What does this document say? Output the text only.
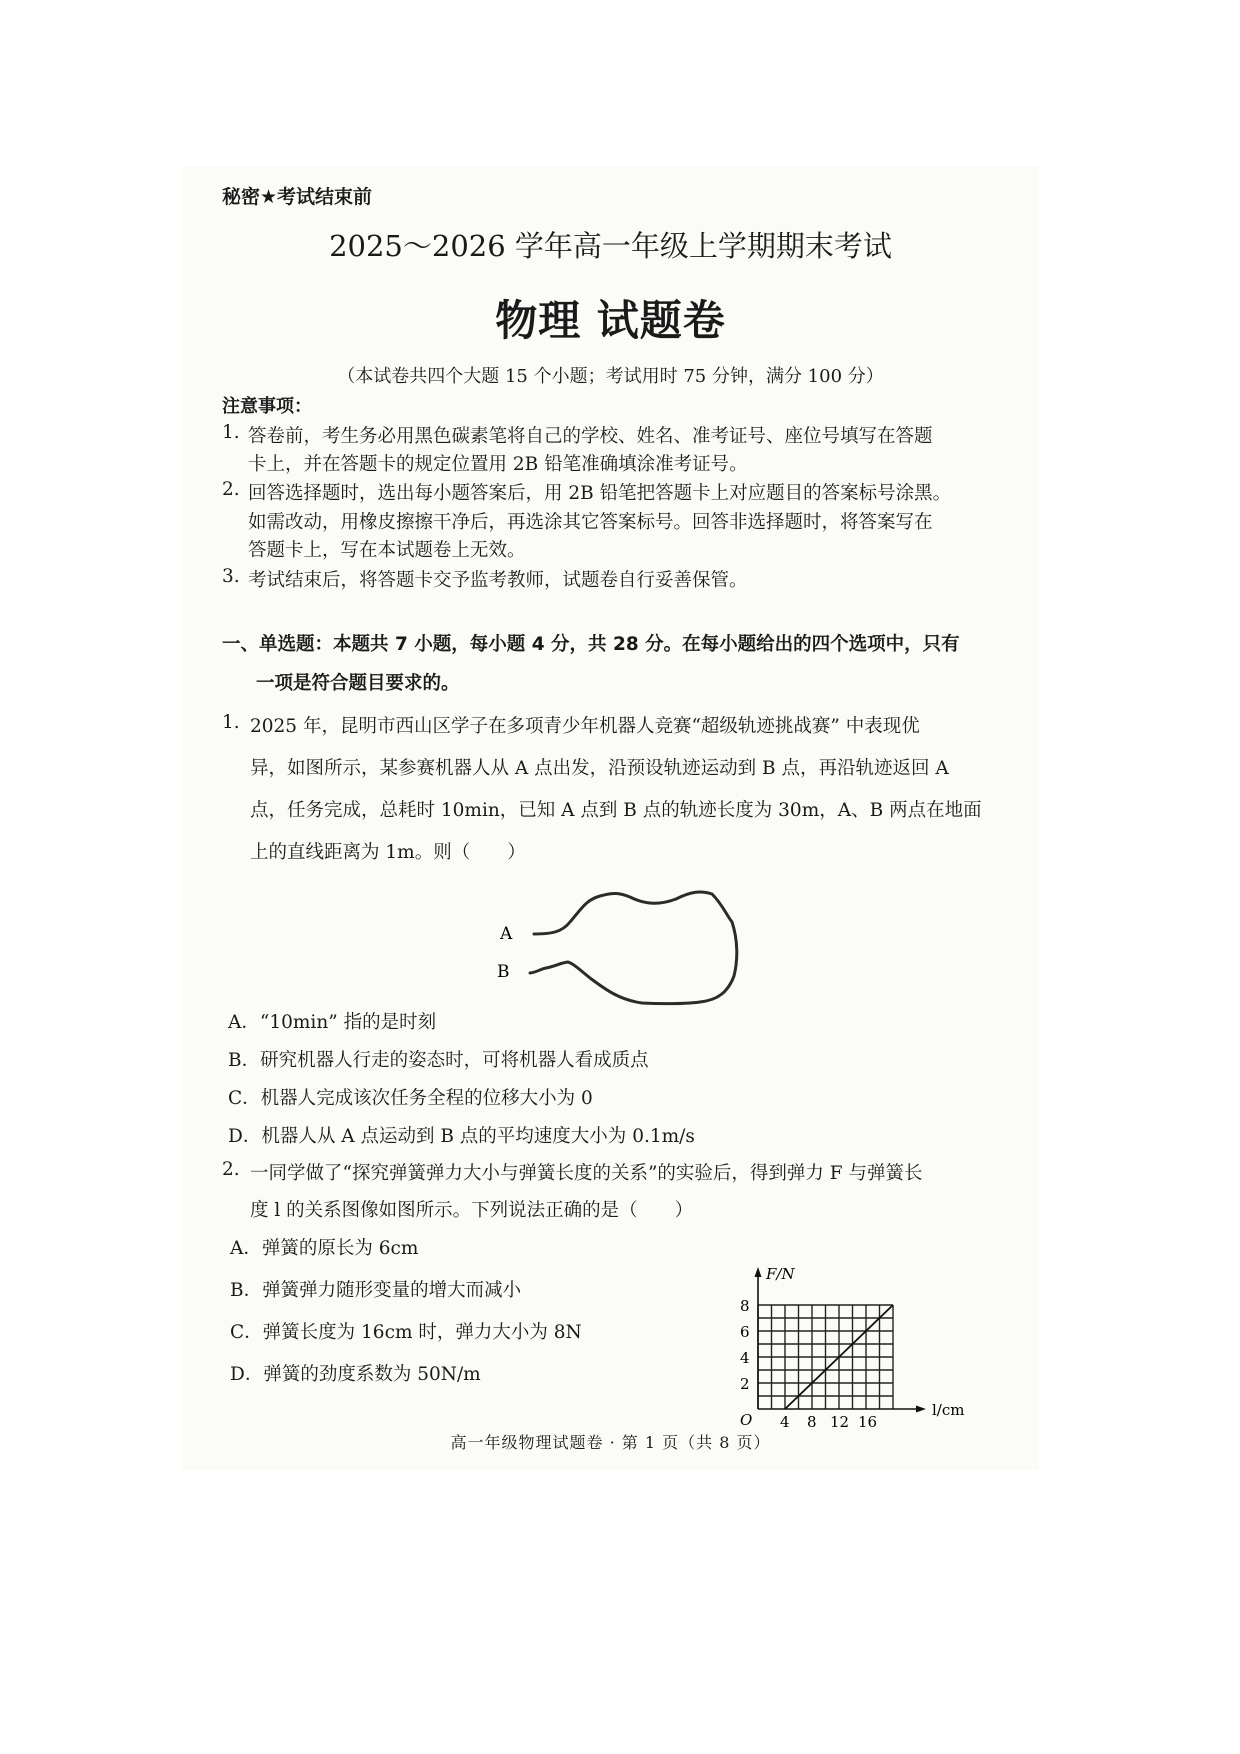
秘密★考试结束前
2025～2026 学年高一年级上学期期末考试
物理 试题卷
（本试卷共四个大题 15 个小题；考试用时 75 分钟，满分 100 分）
注意事项：
1. 答卷前，考生务必用黑色碳素笔将自己的学校、姓名、准考证号、座位号填写在答题
卡上，并在答题卡的规定位置用 2B 铅笔准确填涂准考证号。
2. 回答选择题时，选出每小题答案后，用 2B 铅笔把答题卡上对应题目的答案标号涂黑。
如需改动，用橡皮擦擦干净后，再选涂其它答案标号。回答非选择题时，将答案写在
答题卡上，写在本试题卷上无效。
3. 考试结束后，将答题卡交予监考教师，试题卷自行妥善保管。
一、单选题：本题共 7 小题，每小题 4 分，共 28 分。在每小题给出的四个选项中，只有
一项是符合题目要求的。
1. 2025 年，昆明市西山区学子在多项青少年机器人竞赛“超级轨迹挑战赛” 中表现优
异，如图所示，某参赛机器人从 A 点出发，沿预设轨迹运动到 B 点，再沿轨迹返回 A
点，任务完成，总耗时 10min，已知 A 点到 B 点的轨迹长度为 30m，A、B 两点在地面
上的直线距离为 1m。则（　　）
A
B
A．“10min” 指的是时刻
B．研究机器人行走的姿态时，可将机器人看成质点
C．机器人完成该次任务全程的位移大小为 0
D．机器人从 A 点运动到 B 点的平均速度大小为 0.1m/s
2. 一同学做了“探究弹簧弹力大小与弹簧长度的关系”的实验后，得到弹力 F 与弹簧长
度 l 的关系图像如图所示。下列说法正确的是（　　）
A．弹簧的原长为 6cm
B．弹簧弹力随形变量的增大而减小
C．弹簧长度为 16cm 时，弹力大小为 8N
D．弹簧的劲度系数为 50N/m
F/N
l/cm
O
8
6
4
2
4 8 12 16
高一年级物理试题卷 · 第 1 页（共 8 页）
